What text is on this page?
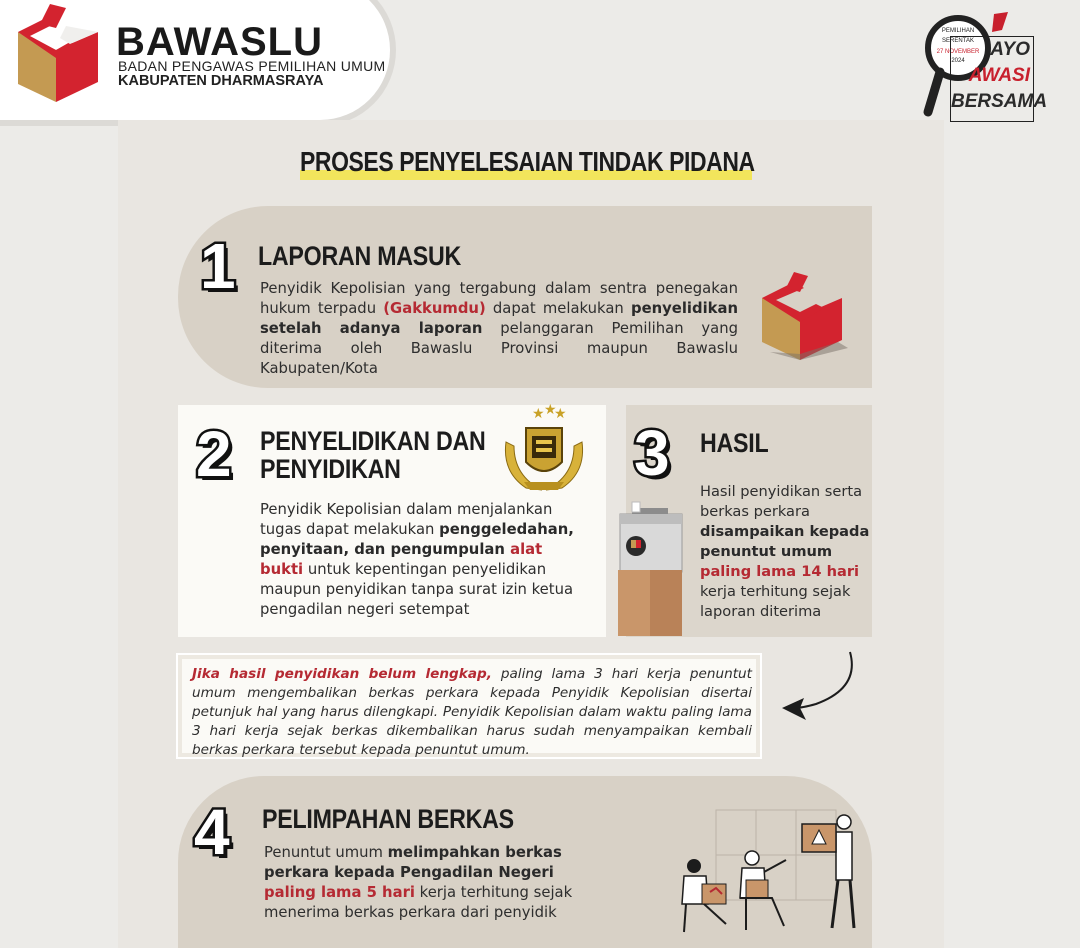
BAWASLU
BADAN PENGAWAS PEMILIHAN UMUM
KABUPATEN DHARMASRAYA
PEMILIHAN
SERENTAK
27 NOVEMBER
2024
AYO
AWASI
BERSAMA
PROSES PENYELESAIAN TINDAK PIDANA
1 LAPORAN MASUK
Penyidik Kepolisian yang tergabung dalam sentra penegakan hukum terpadu (Gakkumdu) dapat melakukan penyelidikan setelah adanya laporan pelanggaran Pemilihan yang diterima oleh Bawaslu Provinsi maupun Bawaslu Kabupaten/Kota
2 PENYELIDIKAN DAN
PENYIDIKAN
★ ★
★
Penyidik Kepolisian dalam menjalankan tugas dapat melakukan penggeledahan, penyitaan, dan pengumpulan alat bukti untuk kepentingan penyelidikan maupun penyidikan tanpa surat izin ketua pengadilan negeri setempat
3 HASIL
Hasil penyidikan serta berkas perkara disampaikan kepada penuntut umum paling lama 14 hari kerja terhitung sejak laporan diterima
Jika hasil penyidikan belum lengkap, paling lama 3 hari kerja penuntut umum mengembalikan berkas perkara kepada Penyidik Kepolisian disertai petunjuk hal yang harus dilengkapi. Penyidik Kepolisian dalam waktu paling lama 3 hari kerja sejak berkas dikembalikan harus sudah menyampaikan kembali berkas perkara tersebut kepada penuntut umum.
4 PELIMPAHAN BERKAS
Penuntut umum melimpahkan berkas perkara kepada Pengadilan Negeri paling lama 5 hari kerja terhitung sejak menerima berkas perkara dari penyidik
